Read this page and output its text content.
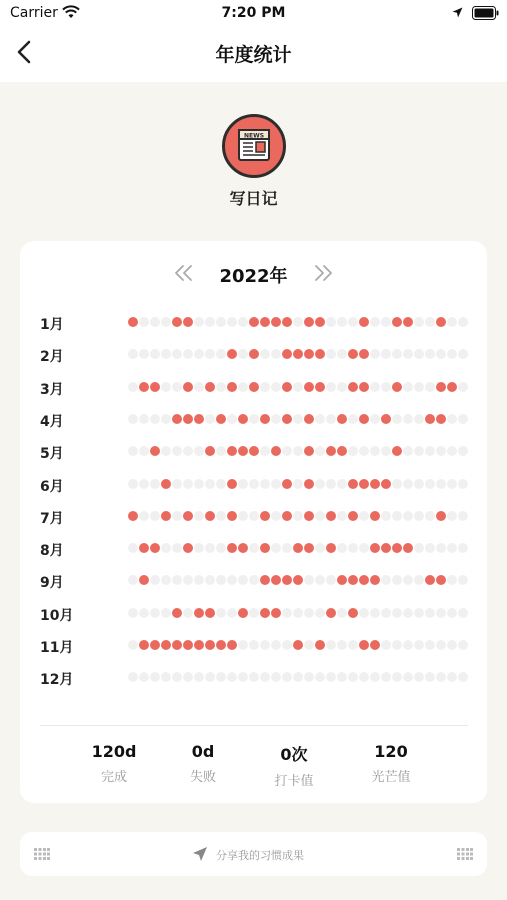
Carrier	7:20 PM
年度统计
NEWS
写日记
2022年
1月
2月
3月
4月
5月
6月
7月
8月
9月
10月
11月
12月
120d
完成
0d
失败
0次
打卡值
120
光芒值
分享我的习惯成果
